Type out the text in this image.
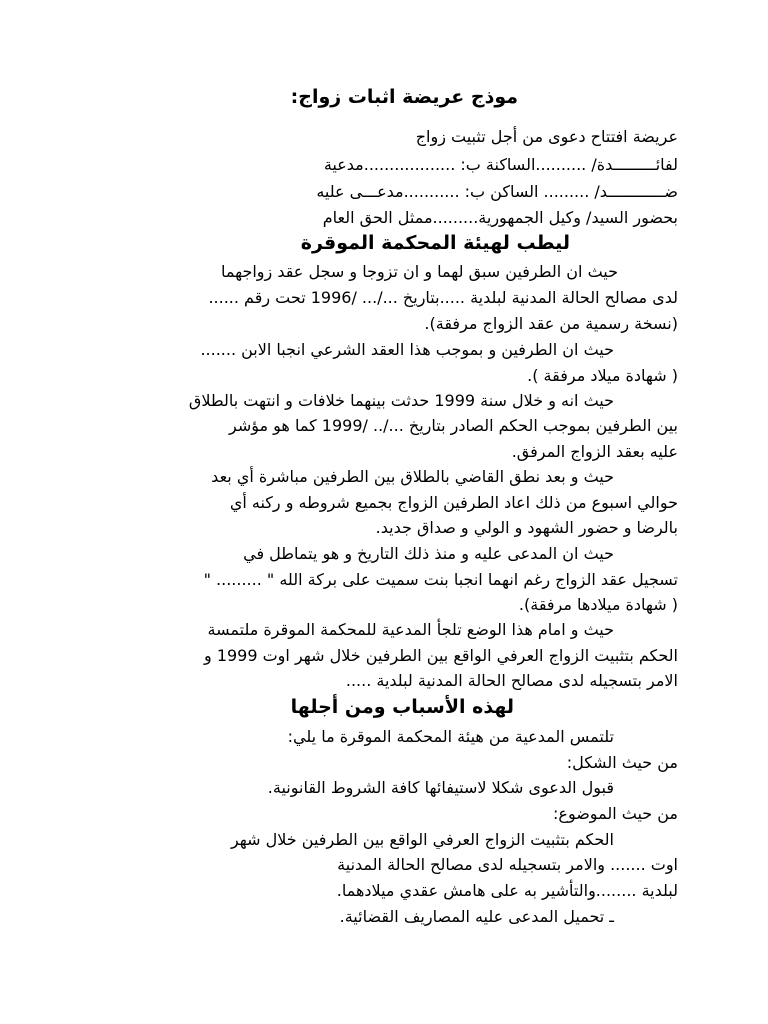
موذج عريضة اثبات زواج:
عريضة افتتاح دعوى من أجل تثبيت زواج
لفائـــــــــدة/ ..........الساكنة ب: ..................مدعية
ضــــــــــــد/ ......... الساكن ب: ...........مدعـــى عليه
بحضور السيد/ وكيل الجمهورية.........ممثل الحق العام
ليطب لهيئة المحكمة الموقرة
حيث ان الطرفين سبق لهما و ان تزوجا و سجل عقد زواجهما
لدى مصالح الحالة المدنية لبلدية .....بتاريخ .../... /1996 تحت رقم ......
(نسخة رسمية من عقد الزواج مرفقة).
حيث ان الطرفين و بموجب هذا العقد الشرعي انجبا الابن .......
( شهادة ميلاد مرفقة ).
حيث انه و خلال سنة 1999 حدثت بينهما خلافات و انتهت بالطلاق
بين الطرفين بموجب الحكم الصادر بتاريخ .../.. /1999 كما هو مؤشر
عليه بعقد الزواج المرفق.
حيث و بعد نطق القاضي بالطلاق بين الطرفين مباشرة أي بعد
حوالي اسبوع من ذلك اعاد الطرفين الزواج بجميع شروطه و ركنه أي
بالرضا و حضور الشهود و الولي و صداق جديد.
حيث ان المدعى عليه و منذ ذلك التاريخ و هو يتماطل في
تسجيل عقد الزواج رغم انهما انجبا بنت سميت على بركة الله " ......... "
( شهادة ميلادها مرفقة).
حيث و امام هذا الوضع تلجأ المدعية للمحكمة الموقرة ملتمسة
الحكم بتثبيت الزواج العرفي الواقع بين الطرفين خلال شهر اوت 1999 و
الامر بتسجيله لدى مصالح الحالة المدنية لبلدية .....
لهذه الأسباب ومن أجلها
تلتمس المدعية من هيئة المحكمة الموقرة ما يلي:
من حيث الشكل:
قبول الدعوى شكلا لاستيفائها كافة الشروط القانونية.
من حيث الموضوع:
الحكم بتثبيت الزواج العرفي الواقع بين الطرفين خلال شهر
اوت ....... والامر بتسجيله لدى مصالح الحالة المدنية
لبلدية ........والتأشير به على هامش عقدي ميلادهما.
ـ تحميل المدعى عليه المصاريف القضائية.
